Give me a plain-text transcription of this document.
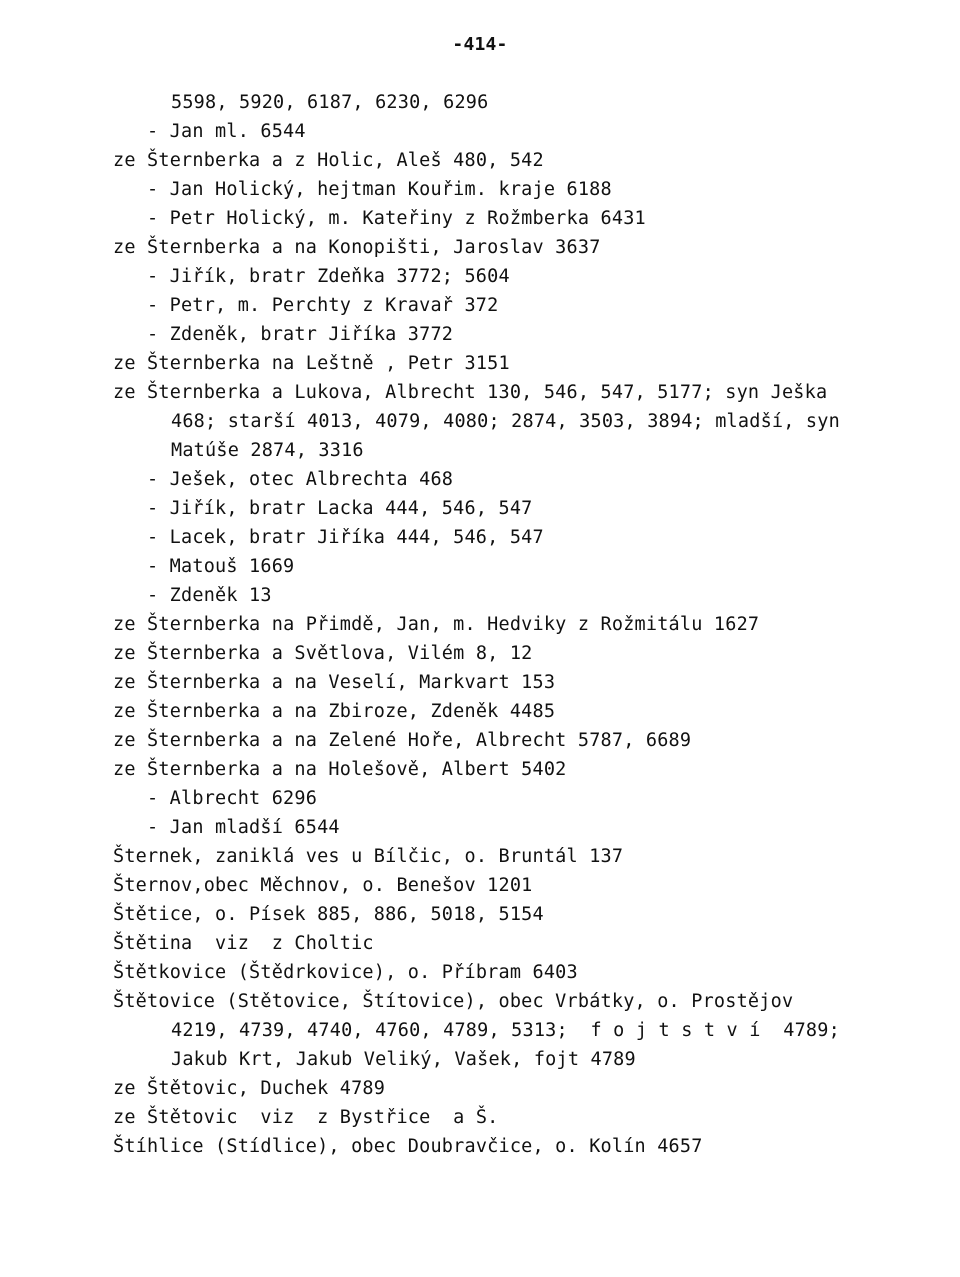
-414-
5598, 5920, 6187, 6230, 6296
- Jan ml. 6544
ze Šternberka a z Holic, Aleš 480, 542
- Jan Holický, hejtman Kouřim. kraje 6188
- Petr Holický, m. Kateřiny z Rožmberka 6431
ze Šternberka a na Konopišti, Jaroslav 3637
- Jiřík, bratr Zdeňka 3772; 5604
- Petr, m. Perchty z Kravař 372
- Zdeněk, bratr Jiříka 3772
ze Šternberka na Leštně , Petr 3151
ze Šternberka a Lukova, Albrecht 130, 546, 547, 5177; syn Ješka
468; starší 4013, 4079, 4080; 2874, 3503, 3894; mladší, syn
Matúše 2874, 3316
- Ješek, otec Albrechta 468
- Jiřík, bratr Lacka 444, 546, 547
- Lacek, bratr Jiříka 444, 546, 547
- Matouš 1669
- Zdeněk 13
ze Šternberka na Přimdě, Jan, m. Hedviky z Rožmitálu 1627
ze Šternberka a Světlova, Vilém 8, 12
ze Šternberka a na Veselí, Markvart 153
ze Šternberka a na Zbiroze, Zdeněk 4485
ze Šternberka a na Zelené Hoře, Albrecht 5787, 6689
ze Šternberka a na Holešově, Albert 5402
- Albrecht 6296
- Jan mladší 6544
Šternek, zaniklá ves u Bílčic, o. Bruntál 137
Šternov,obec Měchnov, o. Benešov 1201
Štětice, o. Písek 885, 886, 5018, 5154
Štětina  viz  z Choltic
Štětkovice (Štědrkovice), o. Příbram 6403
Štětovice (Stětovice, Štítovice), obec Vrbátky, o. Prostějov
4219, 4739, 4740, 4760, 4789, 5313;  f o j t s t v í  4789;
Jakub Krt, Jakub Veliký, Vašek, fojt 4789
ze Štětovic, Duchek 4789
ze Štětovic  viz  z Bystřice  a Š.
Štíhlice (Stídlice), obec Doubravčice, o. Kolín 4657
